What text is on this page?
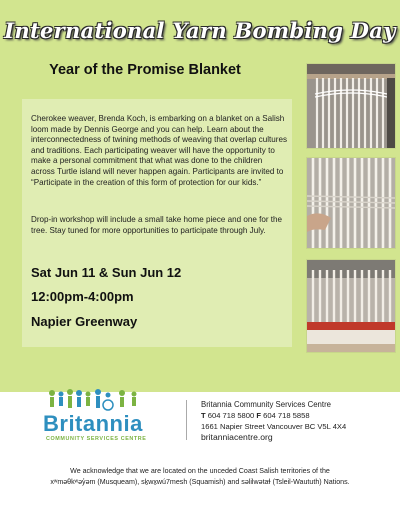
International Yarn Bombing Day
Year of the Promise Blanket

Cherokee weaver, Brenda Koch, is embarking on a blanket on a Salish loom made by Dennis George and you can help. Learn about the interconnectedness of twining methods of weaving that overlap cultures and traditions. Each participating weaver will have the opportunity to make a personal commitment that what was done to the children across Turtle island will never happen again. Participants are invited to “Participate in the creation of this form of protection for our kids.”

Drop-in workshop will include a small take home piece and one for the tree. Stay tuned for more opportunities to participate through July.

Sat Jun 11 & Sun Jun 12
12:00pm-4:00pm
Napier Greenway
Britannia
COMMUNITY SERVICES CENTRE
Britannia Community Services Centre
T 604 718 5800 F 604 718 5858
1661 Napier Street Vancouver BC V5L 4X4
britanniacentre.org
We acknowledge that we are located on the unceded Coast Salish territories of the
xʷməθkʷəy̓əm (Musqueam), sḵwx̱wú7mesh (Squamish) and səlilwətaɬ (Tsleil-Waututh) Nations.
